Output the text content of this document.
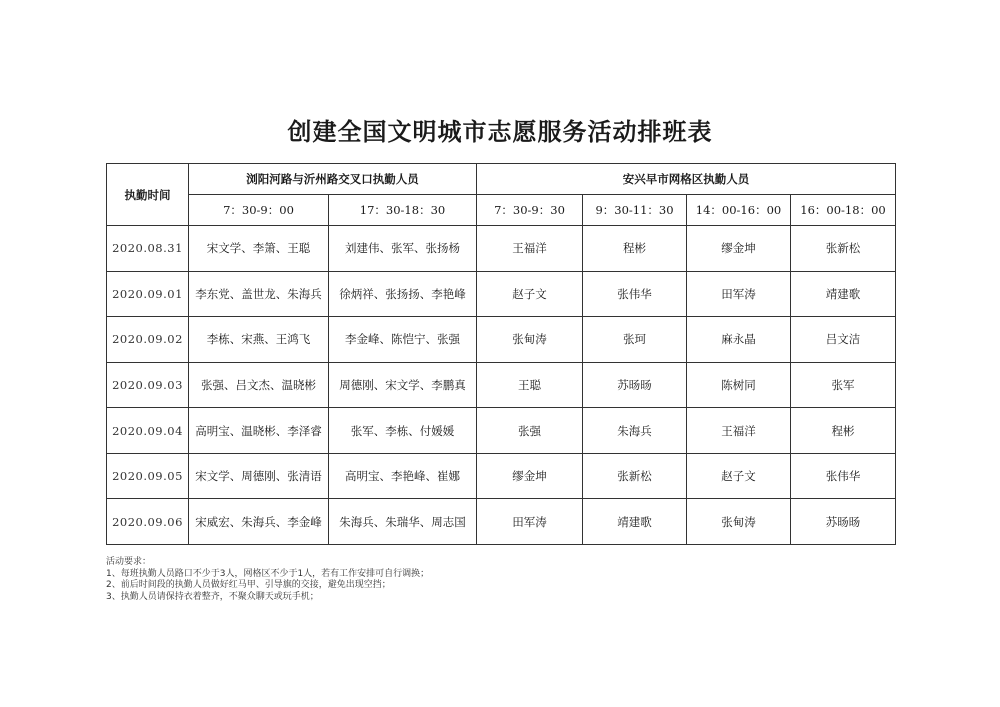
创建全国文明城市志愿服务活动排班表
执勤时间	浏阳河路与沂州路交叉口执勤人员		安兴早市网格区执勤人员			
	7：30-9：00	17：30-18：30	7：30-9：30	9：30-11：30	14：00-16：00	16：00-18：00
2020.08.31	宋文学、李箫、王聪	刘建伟、张军、张扬杨	王福洋	程彬	缪金坤	张新松
2020.09.01	李东党、盖世龙、朱海兵	徐炳祥、张扬扬、李艳峰	赵子文	张伟华	田军涛	靖建歌
2020.09.02	李栋、宋燕、王鸿飞	李金峰、陈恺宁、张强	张甸涛	张珂	麻永晶	吕文洁
2020.09.03	张强、吕文杰、温晓彬	周德刚、宋文学、李鹏真	王聪	苏旸旸	陈树同	张军
2020.09.04	高明宝、温晓彬、李泽睿	张军、李栋、付媛媛	张强	朱海兵	王福洋	程彬
2020.09.05	宋文学、周德刚、张清语	高明宝、李艳峰、崔娜	缪金坤	张新松	赵子文	张伟华
2020.09.06	宋威宏、朱海兵、李金峰	朱海兵、朱瑞华、周志国	田军涛	靖建歌	张甸涛	苏旸旸
活动要求：
1、每班执勤人员路口不少于3人，网格区不少于1人，若有工作安排可自行调换；
2、前后时间段的执勤人员做好红马甲、引导旗的交接，避免出现空挡；
3、执勤人员请保持衣着整齐，不聚众聊天或玩手机；
